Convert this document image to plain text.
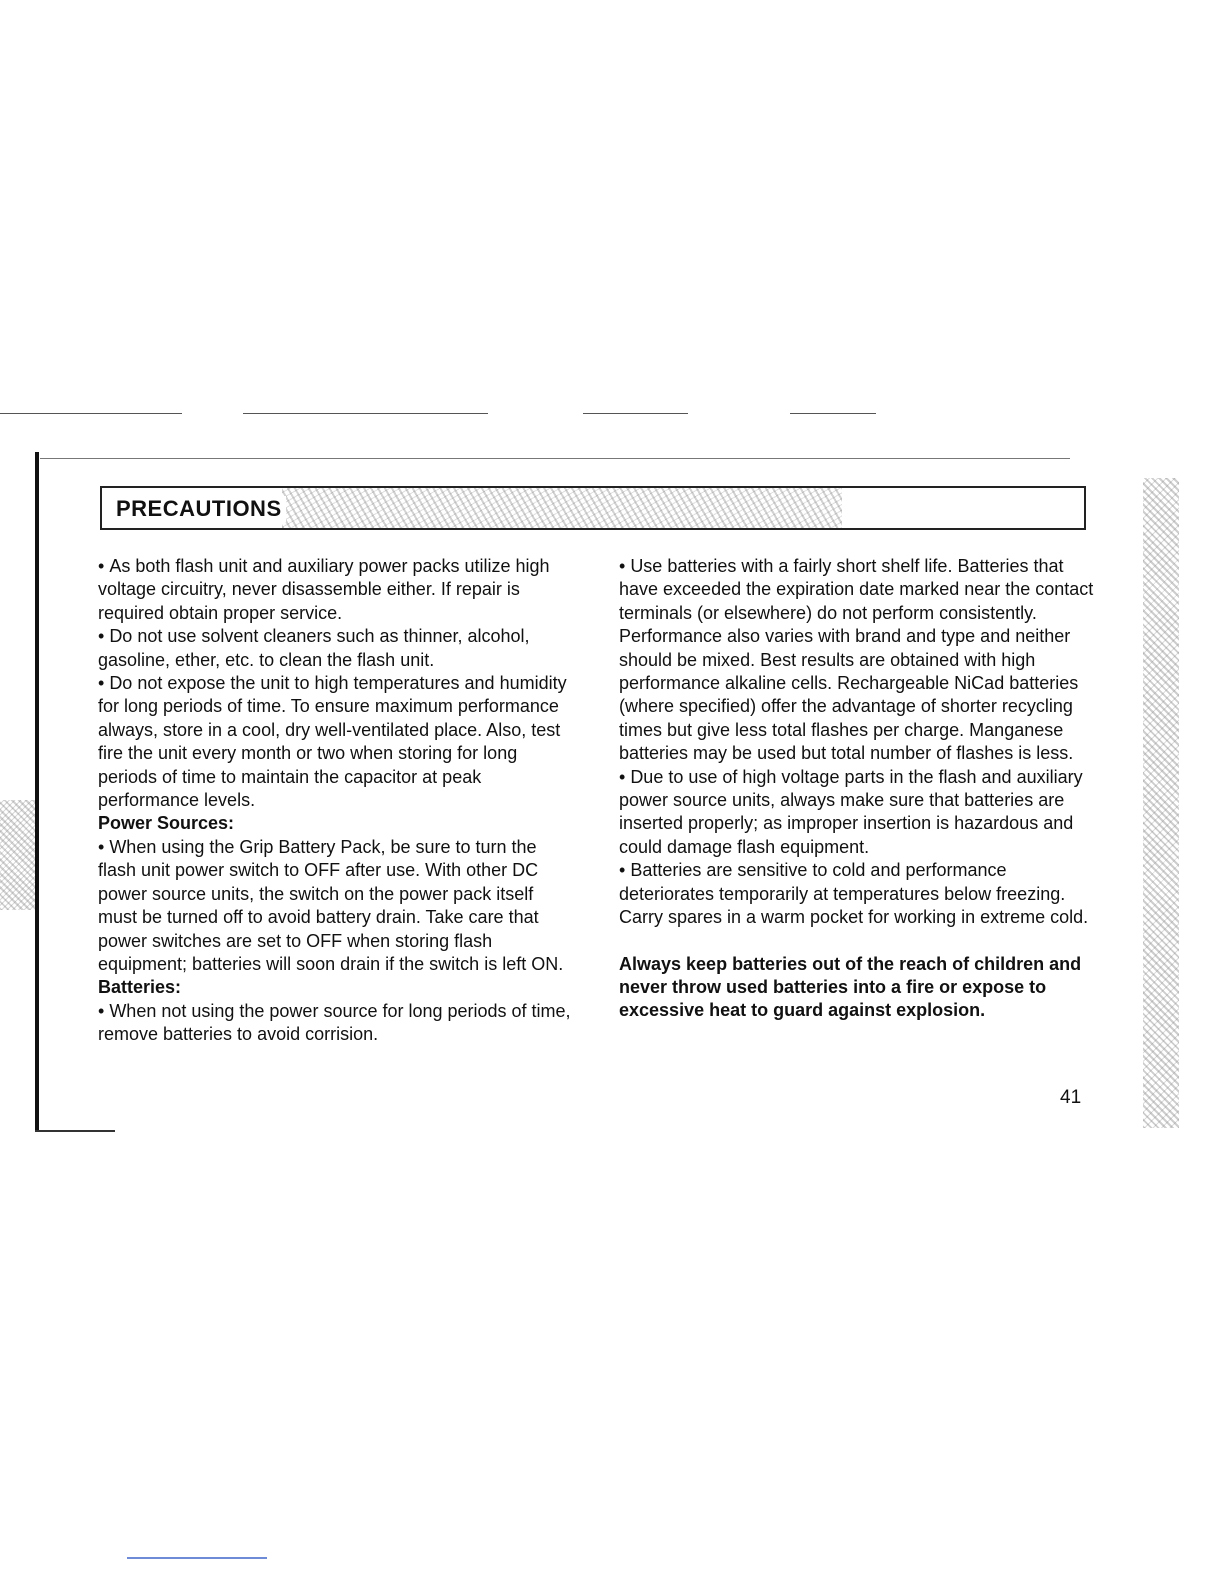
PRECAUTIONS

• As both flash unit and auxiliary power packs utilize high voltage circuitry, never disassemble either. If repair is required obtain proper service.

• Do not use solvent cleaners such as thinner, alcohol, gasoline, ether, etc. to clean the flash unit.

• Do not expose the unit to high temperatures and humidity for long periods of time. To ensure maximum performance always, store in a cool, dry well-ventilated place. Also, test fire the unit every month or two when storing for long periods of time to maintain the capacitor at peak performance levels.

Power Sources:

• When using the Grip Battery Pack, be sure to turn the flash unit power switch to OFF after use. With other DC power source units, the switch on the power pack itself must be turned off to avoid battery drain. Take care that power switches are set to OFF when storing flash equipment; batteries will soon drain if the switch is left ON.

Batteries:

• When not using the power source for long periods of time, remove batteries to avoid corrision.

• Use batteries with a fairly short shelf life. Batteries that have exceeded the expiration date marked near the contact terminals (or elsewhere) do not perform consistently. Performance also varies with brand and type and neither should be mixed. Best results are obtained with high performance alkaline cells. Rechargeable NiCad batteries (where specified) offer the advantage of shorter recycling times but give less total flashes per charge. Manganese batteries may be used but total number of flashes is less.

• Due to use of high voltage parts in the flash and auxiliary power source units, always make sure that batteries are inserted properly; as improper insertion is hazardous and could damage flash equipment.

• Batteries are sensitive to cold and performance deteriorates temporarily at temperatures below freezing. Carry spares in a warm pocket for working in extreme cold.

Always keep batteries out of the reach of children and never throw used batteries into a fire or expose to excessive heat to guard against explosion.

41
